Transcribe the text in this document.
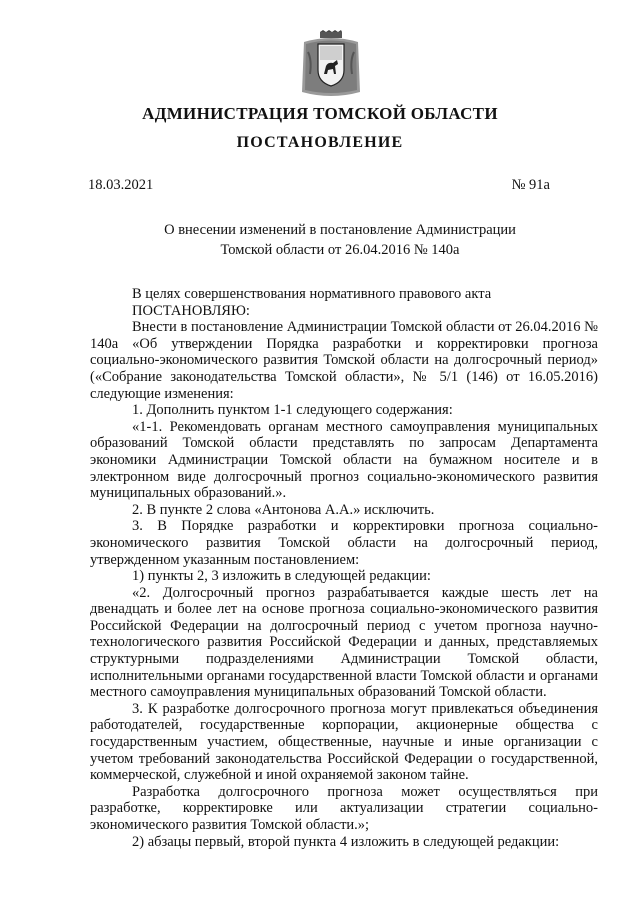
АДМИНИСТРАЦИЯ ТОМСКОЙ ОБЛАСТИ
ПОСТАНОВЛЕНИЕ
18.03.2021	№ 91а
О внесении изменений в постановление Администрации
Томской области от 26.04.2016 № 140а

В целях совершенствования нормативного правового акта

ПОСТАНОВЛЯЮ:

Внести в постановление Администрации Томской области от 26.04.2016 № 140а «Об утверждении Порядка разработки и корректировки прогноза социально-экономического развития Томской области на долгосрочный период» («Собрание законодательства Томской области», № 5/1 (146) от 16.05.2016) следующие изменения:

1. Дополнить пунктом 1-1 следующего содержания:

«1-1. Рекомендовать органам местного самоуправления муниципальных образований Томской области представлять по запросам Департамента экономики Администрации Томской области на бумажном носителе и в электронном виде долгосрочный прогноз социально-экономического развития муниципальных образований.».

2. В пункте 2 слова «Антонова А.А.» исключить.

3. В Порядке разработки и корректировки прогноза социально-экономического развития Томской области на долгосрочный период, утвержденном указанным постановлением:

1) пункты 2, 3 изложить в следующей редакции:

«2. Долгосрочный прогноз разрабатывается каждые шесть лет на двенадцать и более лет на основе прогноза социально-экономического развития Российской Федерации на долгосрочный период с учетом прогноза научно-технологического развития Российской Федерации и данных, представляемых структурными подразделениями Администрации Томской области, исполнительными органами государственной власти Томской области и органами местного самоуправления муниципальных образований Томской области.

3. К разработке долгосрочного прогноза могут привлекаться объединения работодателей, государственные корпорации, акционерные общества с государственным участием, общественные, научные и иные организации с учетом требований законодательства Российской Федерации о государственной, коммерческой, служебной и иной охраняемой законом тайне.

Разработка долгосрочного прогноза может осуществляться при разработке, корректировке или актуализации стратегии социально-экономического развития Томской области.»;

2) абзацы первый, второй пункта 4 изложить в следующей редакции:
